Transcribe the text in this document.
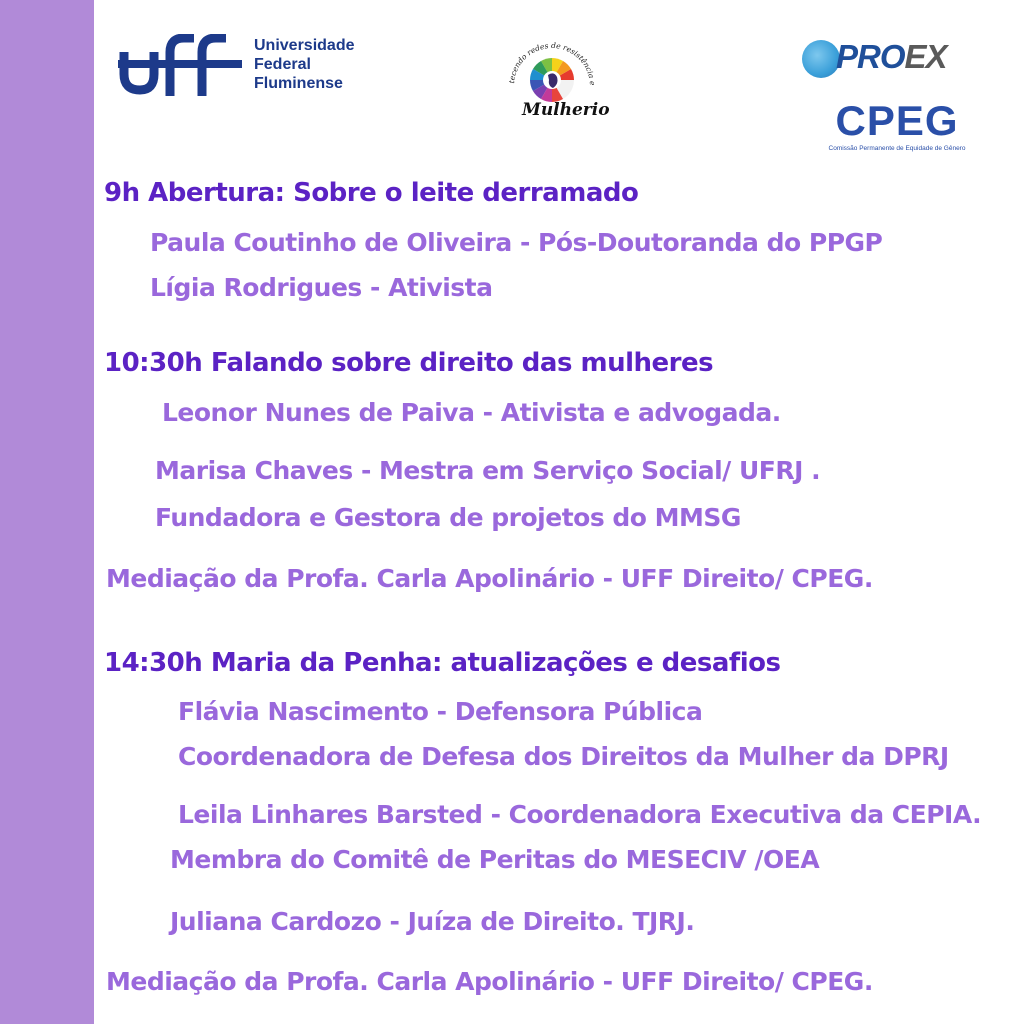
Universidade
Federal
Fluminense	tecendo redes de resistência e
Mulherio
PROEX
CPEG
Comissão Permanente de Equidade de Gênero
9h Abertura: Sobre o leite derramado
Paula Coutinho de Oliveira - Pós-Doutoranda do PPGP
Lígia Rodrigues - Ativista
10:30h Falando sobre direito das mulheres
Leonor Nunes de Paiva - Ativista e advogada.
Marisa Chaves - Mestra em Serviço Social/ UFRJ .
Fundadora e Gestora de projetos do MMSG
Mediação da Profa. Carla Apolinário - UFF Direito/ CPEG.
14:30h Maria da Penha: atualizações e desafios
Flávia Nascimento - Defensora Pública
Coordenadora de Defesa dos Direitos da Mulher da DPRJ
Leila Linhares Barsted - Coordenadora Executiva da CEPIA.
Membra do Comitê de Peritas do MESECIV /OEA
Juliana Cardozo - Juíza de Direito. TJRJ.
Mediação da Profa. Carla Apolinário - UFF Direito/ CPEG.
